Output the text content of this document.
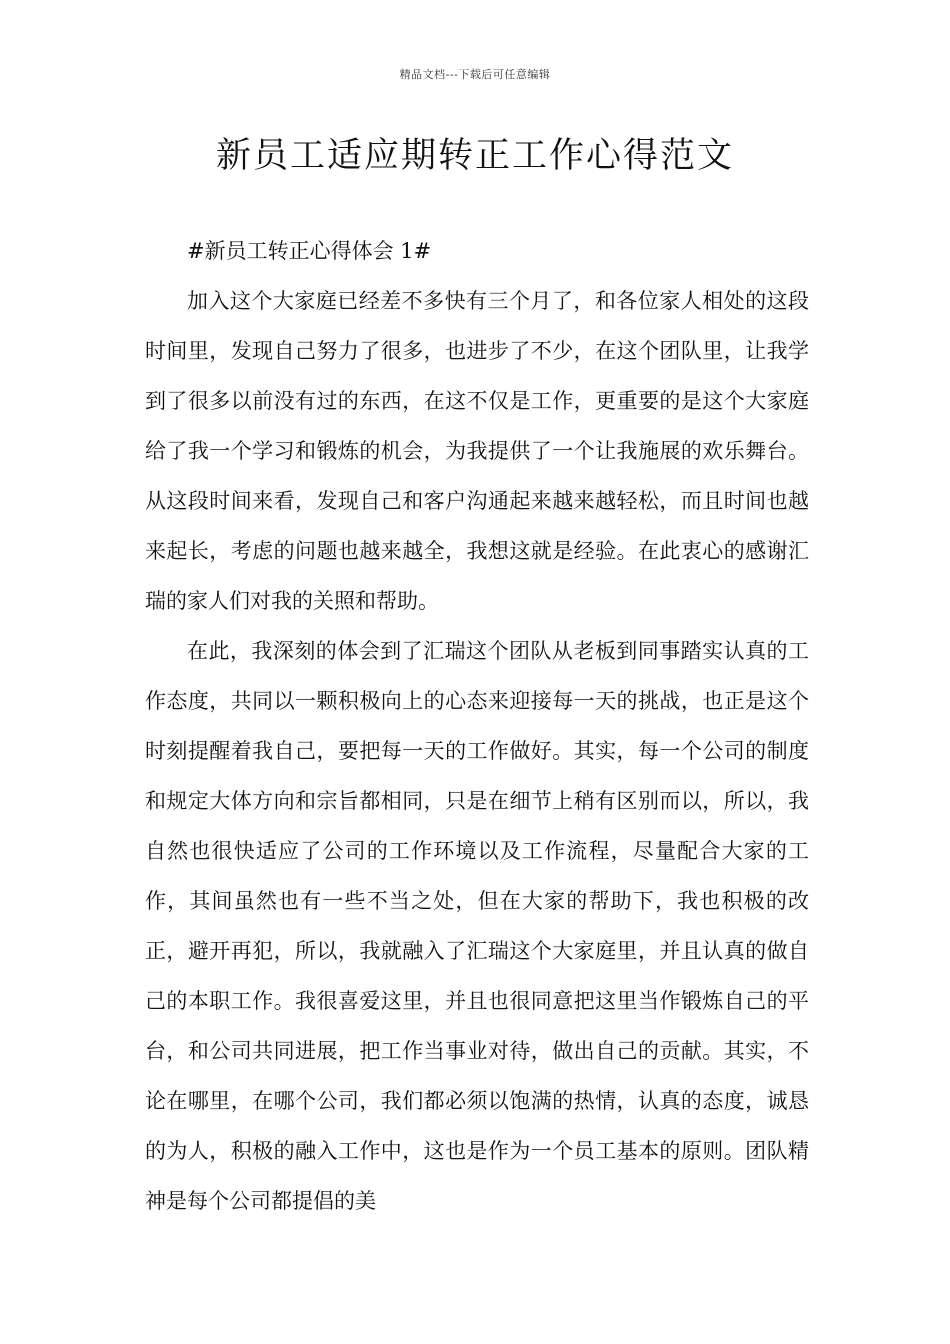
精品文档---下载后可任意编辑
新员工适应期转正工作心得范文

#新员工转正心得体会 1#

加入这个大家庭已经差不多快有三个月了，和各位家人相处的这段时间里，发现自己努力了很多，也进步了不少，在这个团队里，让我学到了很多以前没有过的东西，在这不仅是工作，更重要的是这个大家庭给了我一个学习和锻炼的机会，为我提供了一个让我施展的欢乐舞台。从这段时间来看，发现自己和客户沟通起来越来越轻松，而且时间也越来起长，考虑的问题也越来越全，我想这就是经验。在此衷心的感谢汇瑞的家人们对我的关照和帮助。

在此，我深刻的体会到了汇瑞这个团队从老板到同事踏实认真的工作态度，共同以一颗积极向上的心态来迎接每一天的挑战，也正是这个时刻提醒着我自己，要把每一天的工作做好。其实，每一个公司的制度和规定大体方向和宗旨都相同，只是在细节上稍有区别而以，所以，我自然也很快适应了公司的工作环境以及工作流程，尽量配合大家的工作，其间虽然也有一些不当之处，但在大家的帮助下，我也积极的改正，避开再犯，所以，我就融入了汇瑞这个大家庭里，并且认真的做自己的本职工作。我很喜爱这里，并且也很同意把这里当作锻炼自己的平台，和公司共同进展，把工作当事业对待，做出自己的贡献。其实，不论在哪里，在哪个公司，我们都必须以饱满的热情，认真的态度，诚恳的为人，积极的融入工作中，这也是作为一个员工基本的原则。团队精神是每个公司都提倡的美
